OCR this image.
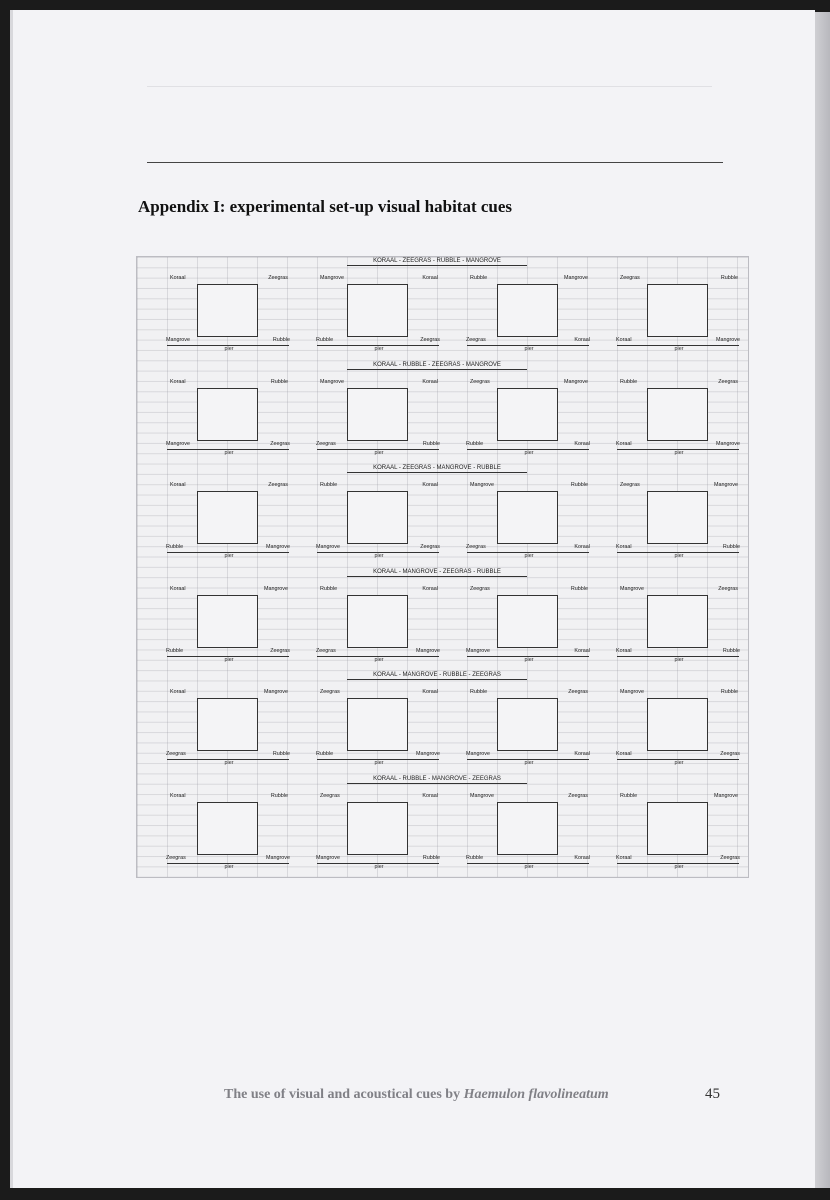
Appendix I: experimental set-up visual habitat cues
KORAAL - ZEEGRAS - RUBBLE - MANGROVE
Koraal	Zeegras
Mangrove	Rubble
pier
Mangrove	Koraal
Rubble	Zeegras
pier
Rubble	Mangrove
Zeegras	Koraal
pier
Zeegras	Rubble
Koraal	Mangrove
pier
KORAAL - RUBBLE - ZEEGRAS - MANGROVE
Koraal	Rubble
Mangrove	Zeegras
pier
Mangrove	Koraal
Zeegras	Rubble
pier
Zeegras	Mangrove
Rubble	Koraal
pier
Rubble	Zeegras
Koraal	Mangrove
pier
KORAAL - ZEEGRAS - MANGROVE - RUBBLE
Koraal	Zeegras
Rubble	Mangrove
pier
Rubble	Koraal
Mangrove	Zeegras
pier
Mangrove	Rubble
Zeegras	Koraal
pier
Zeegras	Mangrove
Koraal	Rubble
pier
KORAAL - MANGROVE - ZEEGRAS - RUBBLE
Koraal	Mangrove
Rubble	Zeegras
pier
Rubble	Koraal
Zeegras	Mangrove
pier
Zeegras	Rubble
Mangrove	Koraal
pier
Mangrove	Zeegras
Koraal	Rubble
pier
KORAAL - MANGROVE - RUBBLE - ZEEGRAS
Koraal	Mangrove
Zeegras	Rubble
pier
Zeegras	Koraal
Rubble	Mangrove
pier
Rubble	Zeegras
Mangrove	Koraal
pier
Mangrove	Rubble
Koraal	Zeegras
pier
KORAAL - RUBBLE - MANGROVE - ZEEGRAS
Koraal	Rubble
Zeegras	Mangrove
pier
Zeegras	Koraal
Mangrove	Rubble
pier
Mangrove	Zeegras
Rubble	Koraal
pier
Rubble	Mangrove
Koraal	Zeegras
pier
The use of visual and acoustical cues by Haemulon flavolineatum	45
